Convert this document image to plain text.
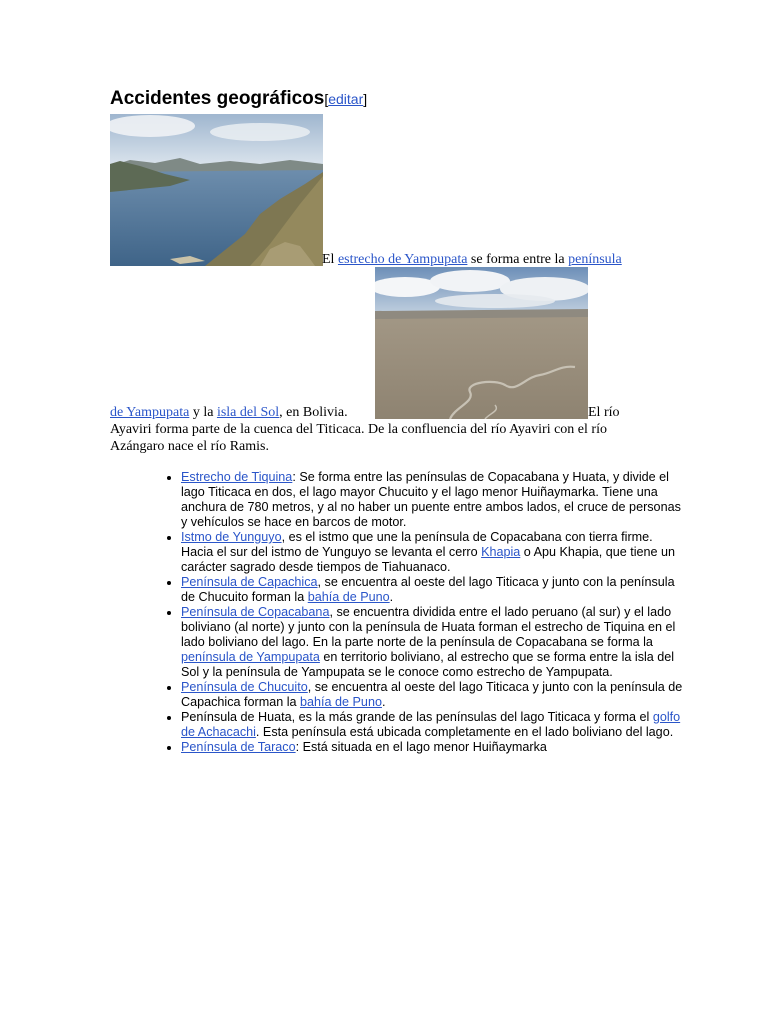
Accidentes geográficos[editar]
El estrecho de Yampupata se forma entre la península
de Yampupata y la isla del Sol, en Bolivia.	El río
Ayaviri forma parte de la cuenca del Titicaca. De la confluencia del río Ayaviri con el río Azángaro nace el río Ramis.
• Estrecho de Tiquina: Se forma entre las penínsulas de Copacabana y Huata, y divide el lago Titicaca en dos, el lago mayor Chucuito y el lago menor Huiñaymarka. Tiene una anchura de 780 metros, y al no haber un puente entre ambos lados, el cruce de personas y vehículos se hace en barcos de motor.
• Istmo de Yunguyo, es el istmo que une la península de Copacabana con tierra firme. Hacia el sur del istmo de Yunguyo se levanta el cerro Khapia o Apu Khapia, que tiene un carácter sagrado desde tiempos de Tiahuanaco.
• Península de Capachica, se encuentra al oeste del lago Titicaca y junto con la península de Chucuito forman la bahía de Puno.
• Península de Copacabana, se encuentra dividida entre el lado peruano (al sur) y el lado boliviano (al norte) y junto con la península de Huata forman el estrecho de Tiquina en el lado boliviano del lago. En la parte norte de la península de Copacabana se forma la península de Yampupata en territorio boliviano, al estrecho que se forma entre la isla del Sol y la península de Yampupata se le conoce como estrecho de Yampupata.
• Península de Chucuito, se encuentra al oeste del lago Titicaca y junto con la península de Capachica forman la bahía de Puno.
• Península de Huata, es la más grande de las penínsulas del lago Titicaca y forma el golfo de Achacachi. Esta península está ubicada completamente en el lado boliviano del lago.
• Península de Taraco: Está situada en el lago menor Huiñaymarka
